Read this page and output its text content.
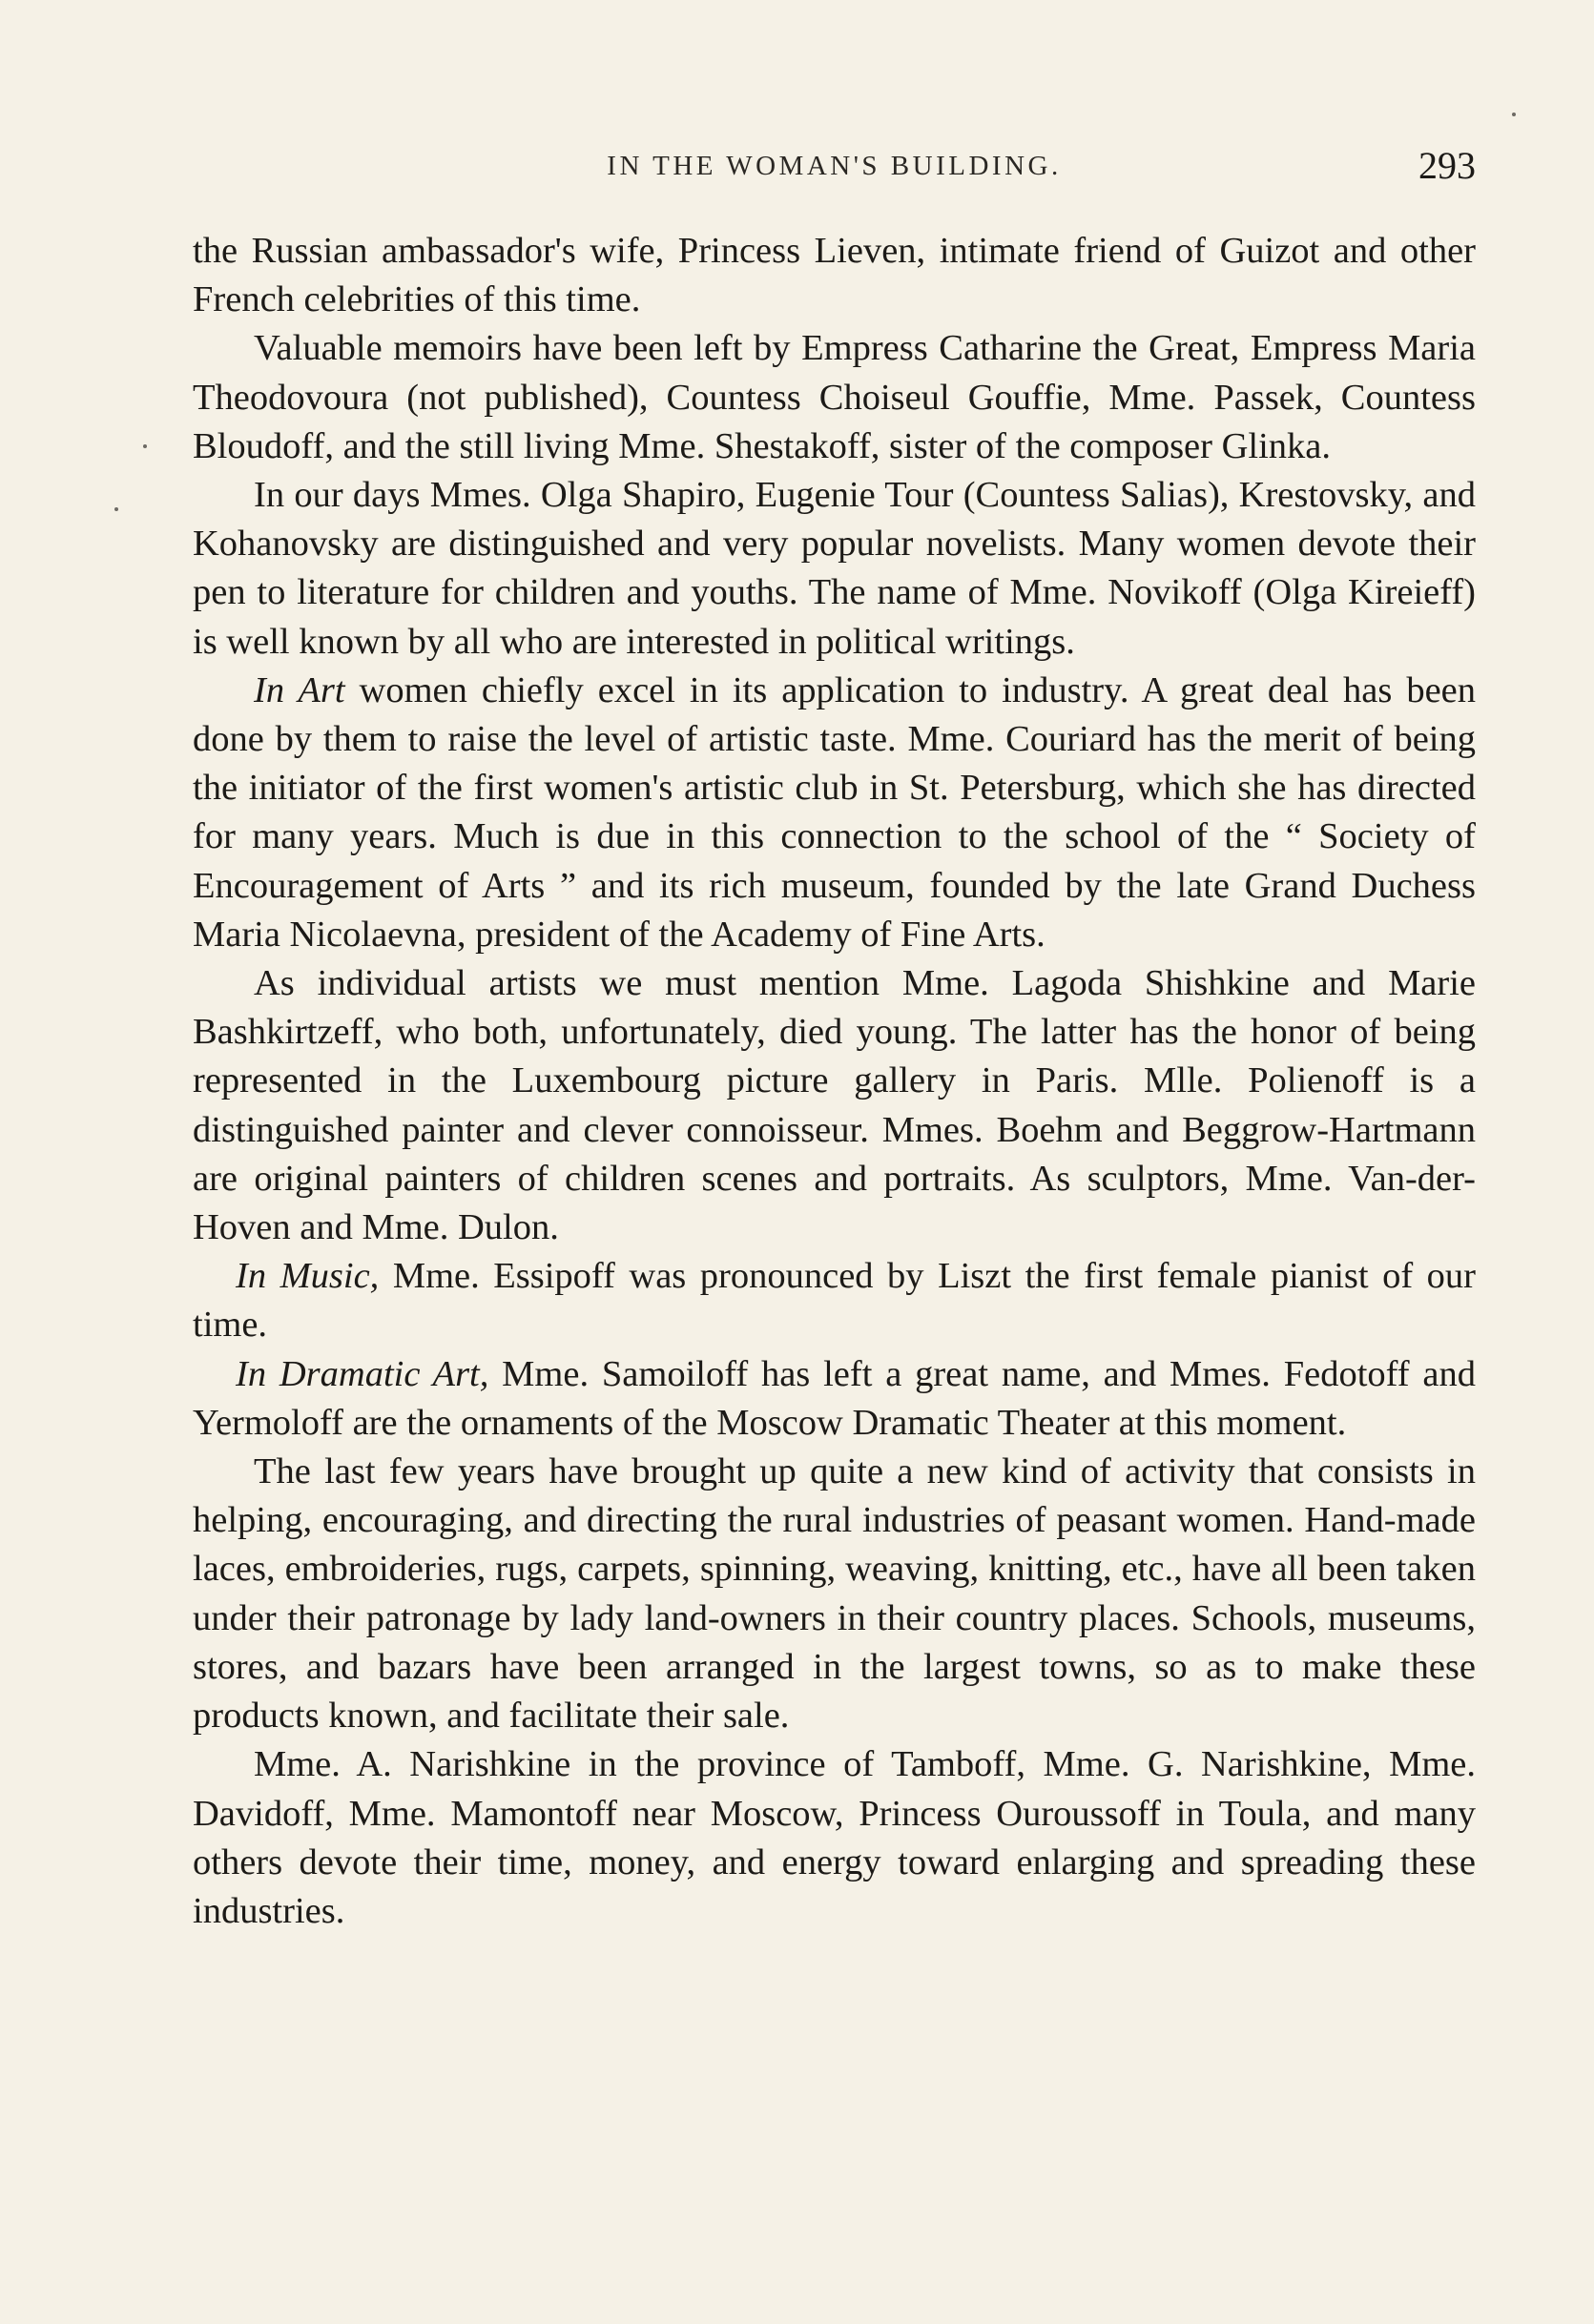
IN THE WOMAN'S BUILDING.	293

the Russian ambassador's wife, Princess Lieven, intimate friend of Guizot and other French celebrities of this time.

Valuable memoirs have been left by Empress Catharine the Great, Empress Maria Theodovoura (not published), Countess Choiseul Gouffie, Mme. Passek, Countess Bloudoff, and the still living Mme. Shestakoff, sister of the composer Glinka.

In our days Mmes. Olga Shapiro, Eugenie Tour (Countess Salias), Krestovsky, and Kohanovsky are distinguished and very popular novelists. Many women devote their pen to literature for children and youths. The name of Mme. Novikoff (Olga Kireieff) is well known by all who are interested in political writings.

In Art women chiefly excel in its application to industry. A great deal has been done by them to raise the level of artistic taste. Mme. Couriard has the merit of being the initiator of the first women's artistic club in St. Petersburg, which she has directed for many years. Much is due in this connection to the school of the “ Society of Encouragement of Arts ” and its rich museum, founded by the late Grand Duchess Maria Nicolaevna, president of the Academy of Fine Arts.

As individual artists we must mention Mme. Lagoda Shishkine and Marie Bashkirtzeff, who both, unfortunately, died young. The latter has the honor of being represented in the Luxembourg picture gallery in Paris. Mlle. Polienoff is a distinguished painter and clever connoisseur. Mmes. Boehm and Beggrow-Hartmann are original painters of children scenes and portraits. As sculptors, Mme. Van-der-Hoven and Mme. Dulon.

In Music, Mme. Essipoff was pronounced by Liszt the first female pianist of our time.

In Dramatic Art, Mme. Samoiloff has left a great name, and Mmes. Fedotoff and Yermoloff are the ornaments of the Moscow Dramatic Theater at this moment.

The last few years have brought up quite a new kind of activity that consists in helping, encouraging, and directing the rural industries of peasant women. Hand-made laces, embroideries, rugs, carpets, spinning, weaving, knitting, etc., have all been taken under their patronage by lady land-owners in their country places. Schools, museums, stores, and bazars have been arranged in the largest towns, so as to make these products known, and facilitate their sale.

Mme. A. Narishkine in the province of Tamboff, Mme. G. Narishkine, Mme. Davidoff, Mme. Mamontoff near Moscow, Princess Ouroussoff in Toula, and many others devote their time, money, and energy toward enlarging and spreading these industries.
